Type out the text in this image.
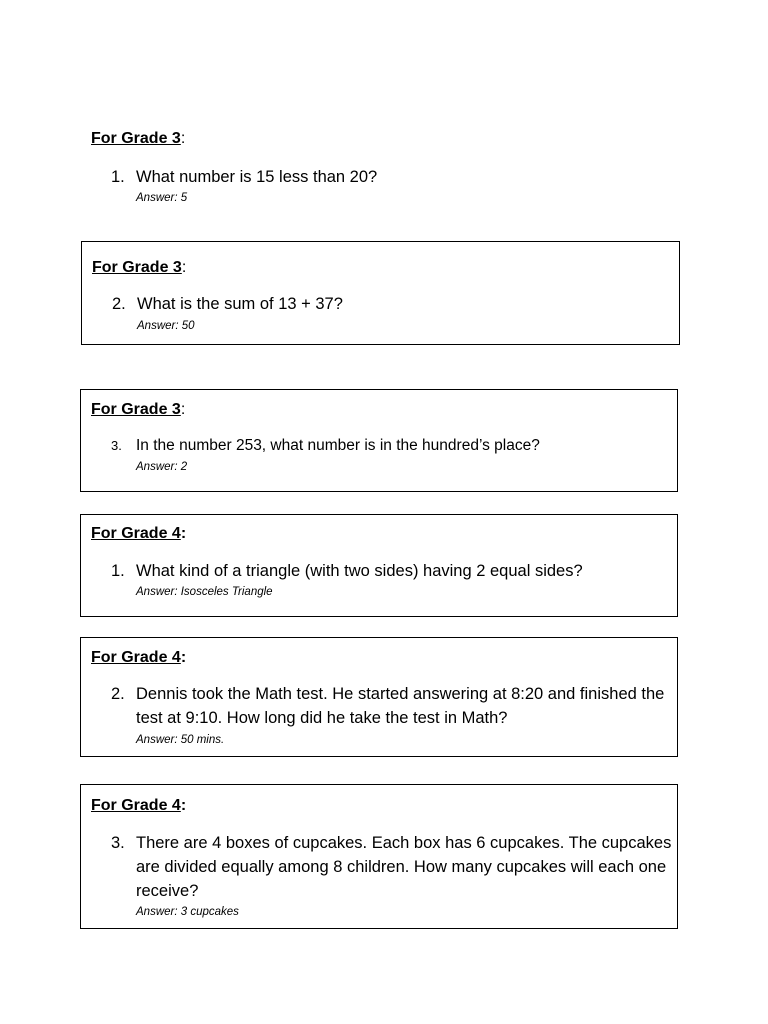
For Grade 3:
1. What number is 15 less than 20?
Answer: 5
For Grade 3:
2. What is the sum of 13 + 37?
Answer: 50
For Grade 3:
3. In the number 253, what number is in the hundred’s place?
Answer: 2
For Grade 4:
1. What kind of a triangle (with two sides) having 2 equal sides?
Answer: Isosceles Triangle
For Grade 4:
2. Dennis took the Math test. He started answering at 8:20 and finished the test at 9:10. How long did he take the test in Math?
Answer: 50 mins.
For Grade 4:
3. There are 4 boxes of cupcakes. Each box has 6 cupcakes. The cupcakes are divided equally among 8 children. How many cupcakes will each one receive?
Answer: 3 cupcakes
